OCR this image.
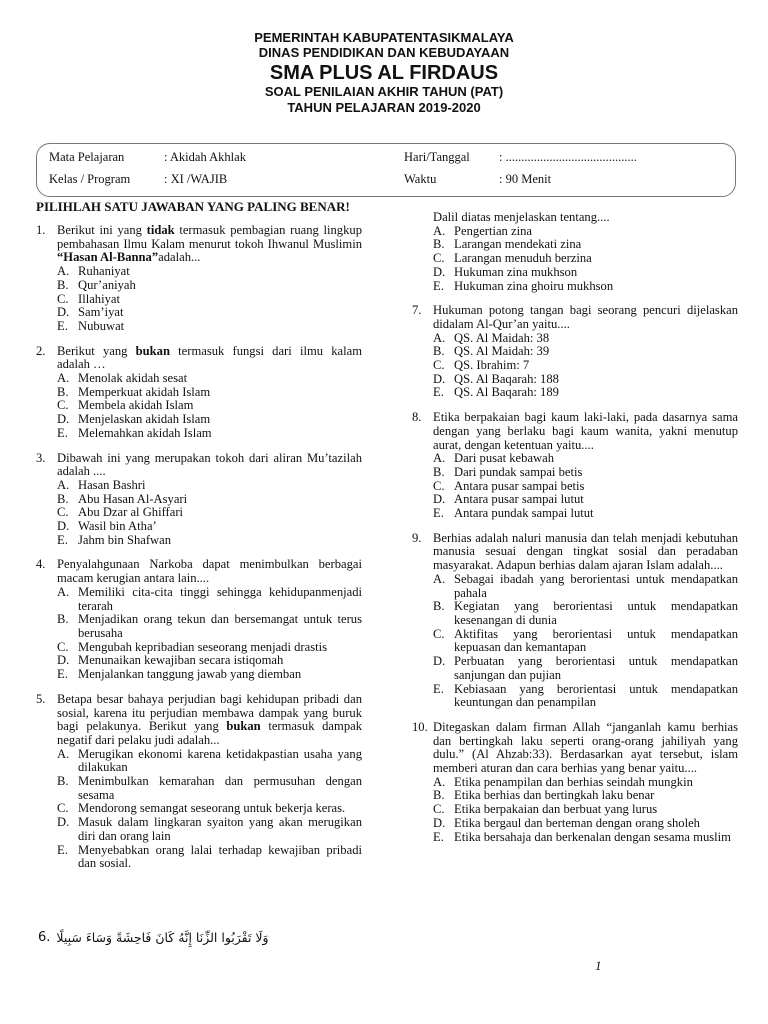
PEMERINTAH KABUPATENTASIKMALAYA
DINAS PENDIDIKAN DAN KEBUDAYAAN
SMA PLUS AL FIRDAUS
SOAL PENILAIAN AKHIR TAHUN (PAT)
TAHUN PELAJARAN 2019-2020
Mata Pelajaran	: Akidah Akhlak	Hari/Tanggal : ..........................................
Kelas / Program	: XI /WAJIB	Waktu	: 90 Menit
PILIHLAH SATU JAWABAN YANG PALING BENAR!
1. Berikut ini yang tidak termasuk pembagian ruang lingkup pembahasan Ilmu Kalam menurut tokoh Ihwanul Muslimin “Hasan Al-Banna”adalah...
A. Ruhaniyat
B. Qur’aniyah
C. Illahiyat
D. Sam’iyat
E. Nubuwat
2. Berikut yang bukan termasuk fungsi dari ilmu kalam adalah …
A. Menolak akidah sesat
B. Memperkuat akidah Islam
C. Membela akidah Islam
D. Menjelaskan akidah Islam
E. Melemahkan akidah Islam
3. Dibawah ini yang merupakan tokoh dari aliran Mu’tazilah adalah ....
A. Hasan Bashri
B. Abu Hasan Al-Asyari
C. Abu Dzar al Ghiffari
D. Wasil bin Atha’
E. Jahm bin Shafwan
4. Penyalahgunaan Narkoba dapat menimbulkan berbagai macam kerugian antara lain....
A. Memiliki cita-cita tinggi sehingga kehidupanmenjadi terarah
B. Menjadikan orang tekun dan bersemangat untuk terus berusaha
C. Mengubah kepribadian seseorang menjadi drastis
D. Menunaikan kewajiban secara istiqomah
E. Menjalankan tanggung jawab yang diemban
5. Betapa besar bahaya perjudian bagi kehidupan pribadi dan sosial, karena itu perjudian membawa dampak yang buruk bagi pelakunya. Berikut yang bukan termasuk dampak negatif dari pelaku judi adalah...
A. Merugikan ekonomi karena ketidakpastian usaha yang dilakukan
B. Menimbulkan kemarahan dan permusuhan dengan sesama
C. Mendorong semangat seseorang untuk bekerja keras.
D. Masuk dalam lingkaran syaiton yang akan merugikan diri dan orang lain
E. Menyebabkan orang lalai terhadap kewajiban pribadi dan sosial.
6. وَلَا تَقْرَبُوا الزِّنَا إِنَّهُ كَانَ فَاحِشَةً وَسَاءَ سَبِيلًا
Dalil diatas menjelaskan tentang....
A. Pengertian zina
B. Larangan mendekati zina
C. Larangan menuduh berzina
D. Hukuman zina mukhson
E. Hukuman zina ghoiru mukhson
7. Hukuman potong tangan bagi seorang pencuri dijelaskan didalam Al-Qur’an yaitu....
A. QS. Al Maidah: 38
B. QS. Al Maidah: 39
C. QS. Ibrahim: 7
D. QS. Al Baqarah: 188
E. QS. Al Baqarah: 189
8. Etika berpakaian bagi kaum laki-laki, pada dasarnya sama dengan yang berlaku bagi kaum wanita, yakni menutup aurat, dengan ketentuan yaitu....
A. Dari pusat kebawah
B. Dari pundak sampai betis
C. Antara pusar sampai betis
D. Antara pusar sampai lutut
E. Antara pundak sampai lutut
9. Berhias adalah naluri manusia dan telah menjadi kebutuhan manusia sesuai dengan tingkat sosial dan peradaban masyarakat. Adapun berhias dalam ajaran Islam adalah....
A. Sebagai ibadah yang berorientasi untuk mendapatkan pahala
B. Kegiatan yang berorientasi untuk mendapatkan kesenangan di dunia
C. Aktifitas yang berorientasi untuk mendapatkan kepuasan dan kemantapan
D. Perbuatan yang berorientasi untuk mendapatkan sanjungan dan pujian
E. Kebiasaan yang berorientasi untuk mendapatkan keuntungan dan penampilan
10. Ditegaskan dalam firman Allah “janganlah kamu berhias dan bertingkah laku seperti orang-orang jahiliyah yang dulu.” (Al Ahzab:33). Berdasarkan ayat tersebut, islam memberi aturan dan cara berhias yang benar yaitu....
A. Etika penampilan dan berhias seindah mungkin
B. Etika berhias dan bertingkah laku benar
C. Etika berpakaian dan berbuat yang lurus
D. Etika bergaul dan berteman dengan orang sholeh
E. Etika bersahaja dan berkenalan dengan sesama muslim
1
